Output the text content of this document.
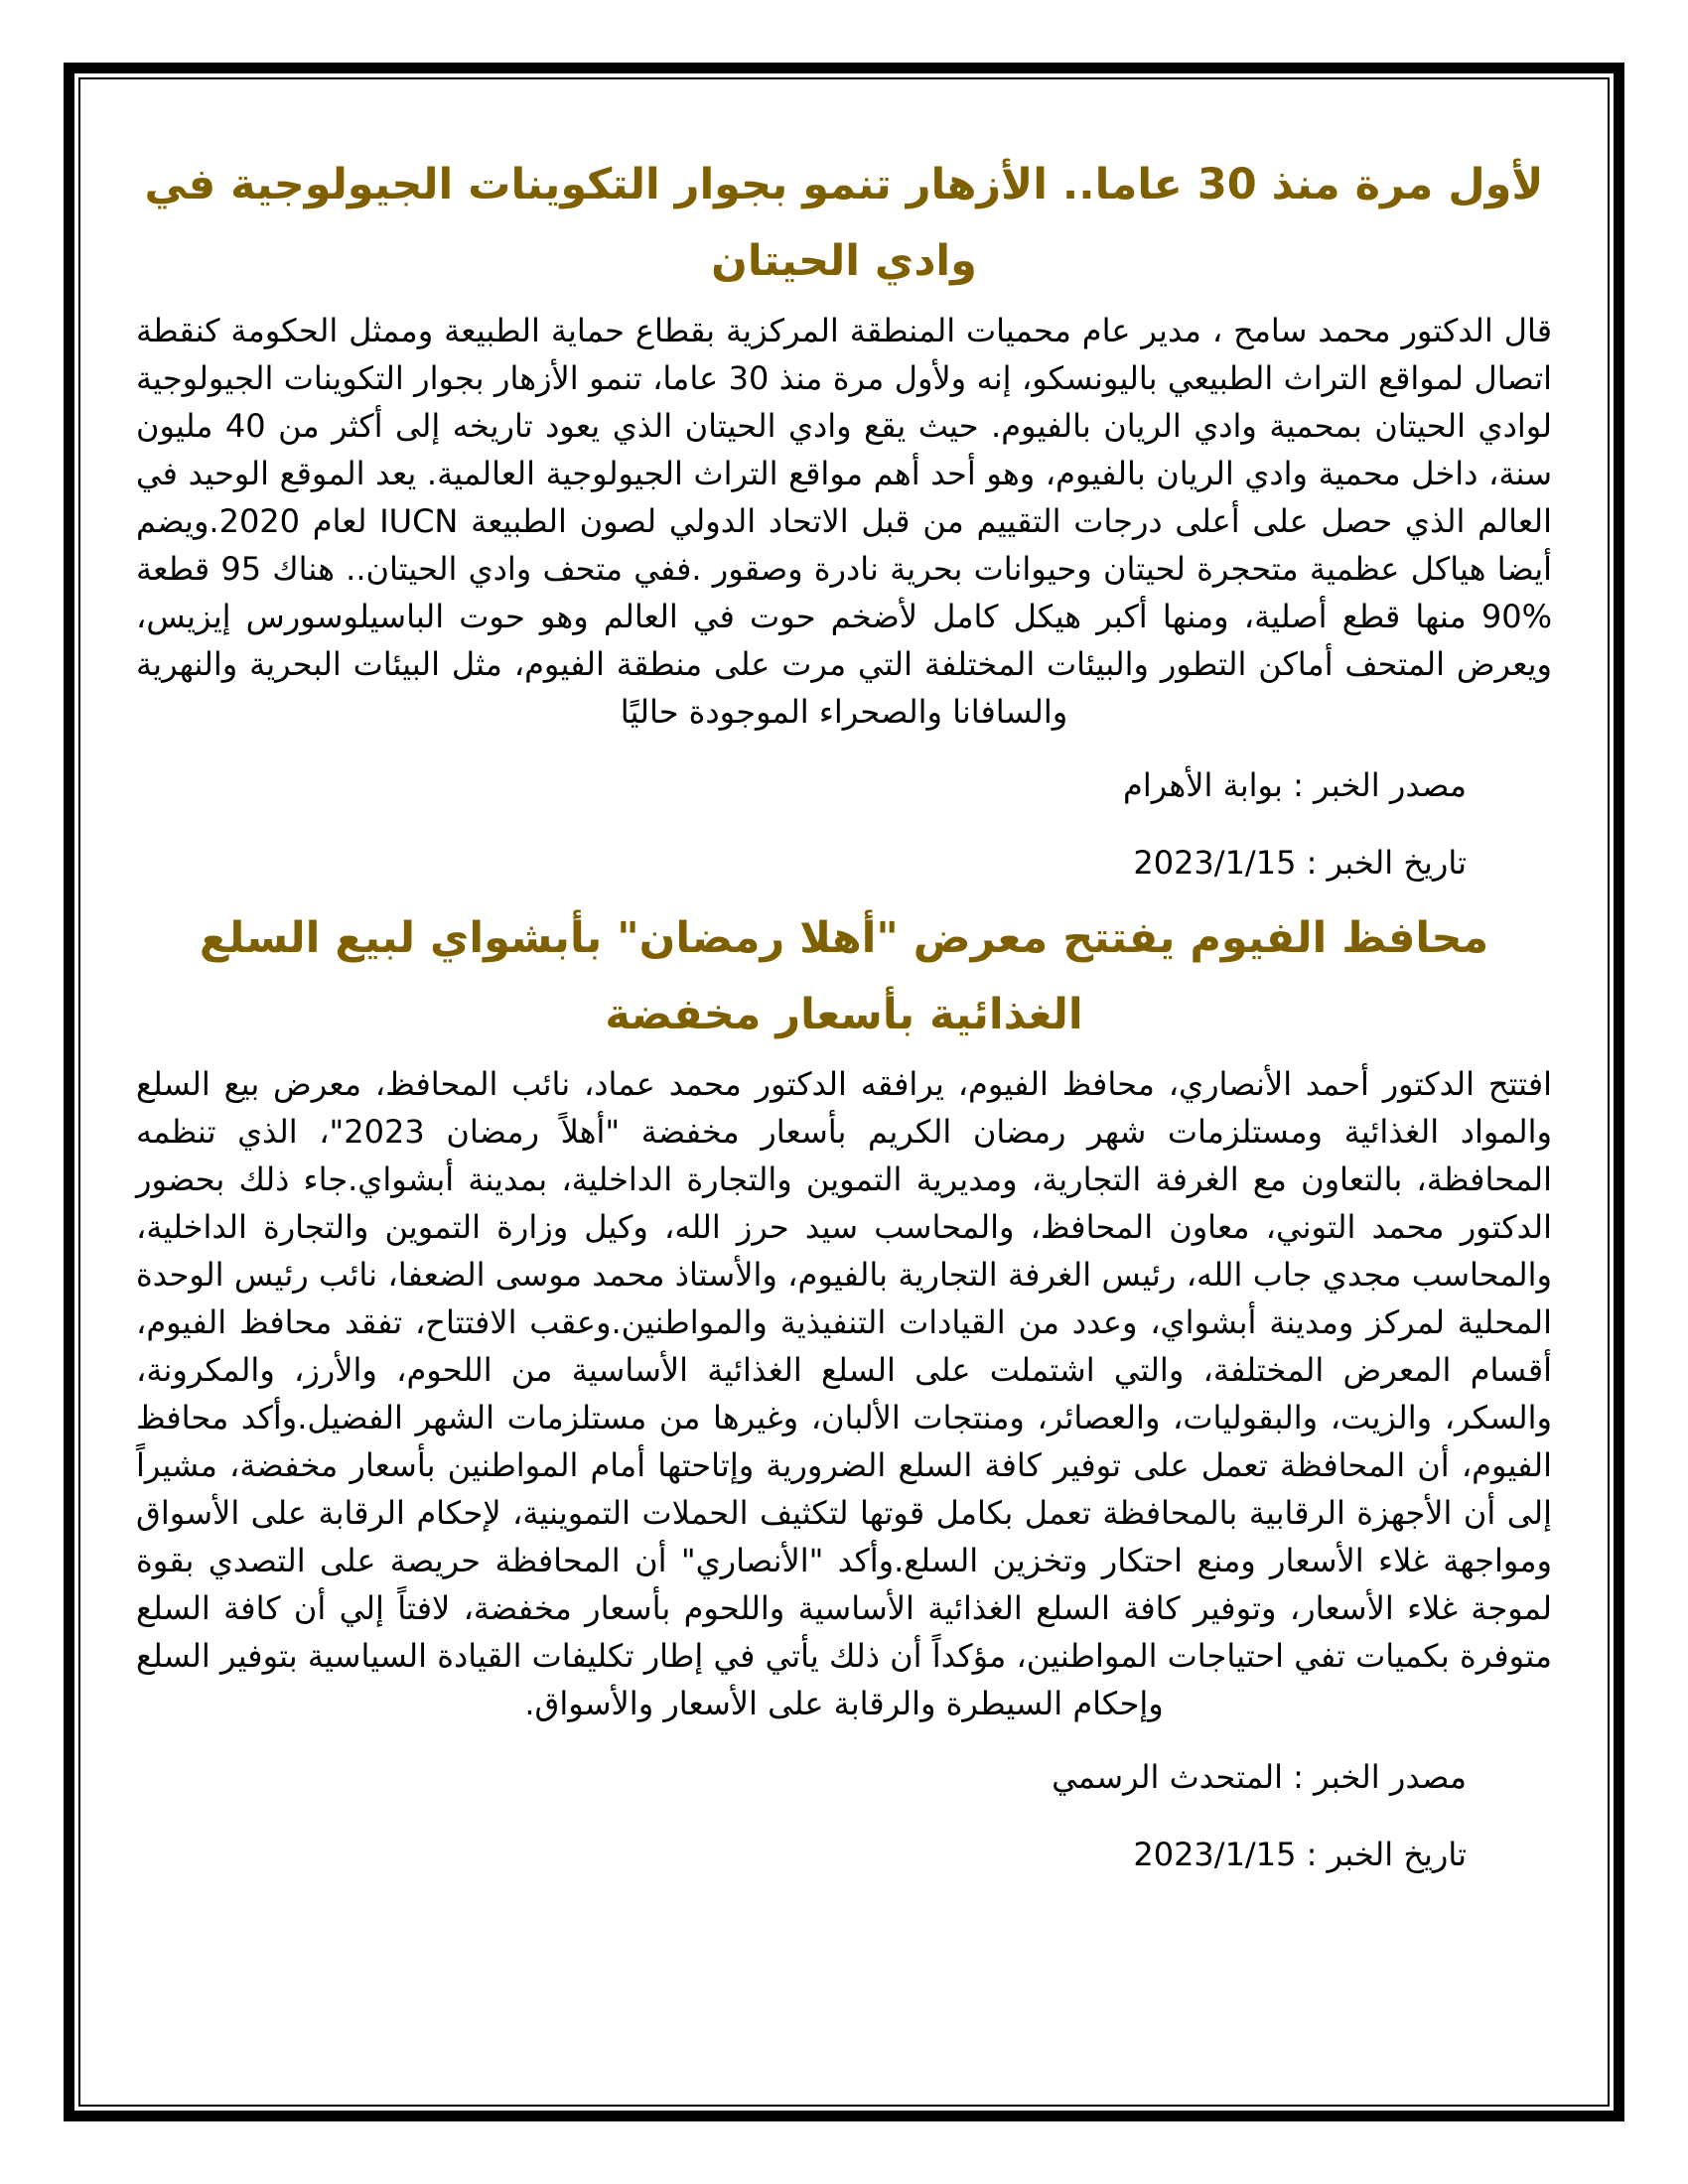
لأول مرة منذ 30 عاما.. الأزهار تنمو بجوار التكوينات الجيولوجية في وادي الحيتان

قال الدكتور محمد سامح ، مدير عام محميات المنطقة المركزية بقطاع حماية الطبيعة وممثل الحكومة كنقطة اتصال لمواقع التراث الطبيعي باليونسكو، إنه ولأول مرة منذ 30 عاما، تنمو الأزهار بجوار التكوينات الجيولوجية لوادي الحيتان بمحمية وادي الريان بالفيوم. حيث يقع وادي الحيتان الذي يعود تاريخه إلى أكثر من 40 مليون سنة، داخل محمية وادي الريان بالفيوم، وهو أحد أهم مواقع التراث الجيولوجية العالمية. يعد الموقع الوحيد في العالم الذي حصل على أعلى درجات التقييم من قبل الاتحاد الدولي لصون الطبيعة IUCN لعام 2020.ويضم أيضا هياكل عظمية متحجرة لحيتان وحيوانات بحرية نادرة وصقور .ففي متحف وادي الحيتان.. هناك 95 قطعة %90 منها قطع أصلية، ومنها أكبر هيكل كامل لأضخم حوت في العالم وهو حوت الباسيلوسورس إيزيس، ويعرض المتحف أماكن التطور والبيئات المختلفة التي مرت على منطقة الفيوم، مثل البيئات البحرية والنهرية والسافانا والصحراء الموجودة حاليًا

مصدر الخبر : بوابة الأهرام

تاريخ الخبر : 2023/1/15

محافظ الفيوم يفتتح معرض "أهلا رمضان" بأبشواي لبيع السلع الغذائية بأسعار مخفضة

افتتح الدكتور أحمد الأنصاري، محافظ الفيوم، يرافقه الدكتور محمد عماد، نائب المحافظ، معرض بيع السلع والمواد الغذائية ومستلزمات شهر رمضان الكريم بأسعار مخفضة "أهلاً رمضان 2023"، الذي تنظمه المحافظة، بالتعاون مع الغرفة التجارية، ومديرية التموين والتجارة الداخلية، بمدينة أبشواي.جاء ذلك بحضور الدكتور محمد التوني، معاون المحافظ، والمحاسب سيد حرز الله، وكيل وزارة التموين والتجارة الداخلية، والمحاسب مجدي جاب الله، رئيس الغرفة التجارية بالفيوم، والأستاذ محمد موسى الضعفا، نائب رئيس الوحدة المحلية لمركز ومدينة أبشواي، وعدد من القيادات التنفيذية والمواطنين.وعقب الافتتاح، تفقد محافظ الفيوم، أقسام المعرض المختلفة، والتي اشتملت على السلع الغذائية الأساسية من اللحوم، والأرز، والمكرونة، والسكر، والزيت، والبقوليات، والعصائر، ومنتجات الألبان، وغيرها من مستلزمات الشهر الفضيل.وأكد محافظ الفيوم، أن المحافظة تعمل على توفير كافة السلع الضرورية وإتاحتها أمام المواطنين بأسعار مخفضة، مشيراً إلى أن الأجهزة الرقابية بالمحافظة تعمل بكامل قوتها لتكثيف الحملات التموينية، لإحكام الرقابة على الأسواق ومواجهة غلاء الأسعار ومنع احتكار وتخزين السلع.وأكد "الأنصاري" أن المحافظة حريصة على التصدي بقوة لموجة غلاء الأسعار، وتوفير كافة السلع الغذائية الأساسية واللحوم بأسعار مخفضة، لافتاً إلي أن كافة السلع متوفرة بكميات تفي احتياجات المواطنين، مؤكداً أن ذلك يأتي في إطار تكليفات القيادة السياسية بتوفير السلع وإحكام السيطرة والرقابة على الأسعار والأسواق.

مصدر الخبر : المتحدث الرسمي

تاريخ الخبر : 2023/1/15
